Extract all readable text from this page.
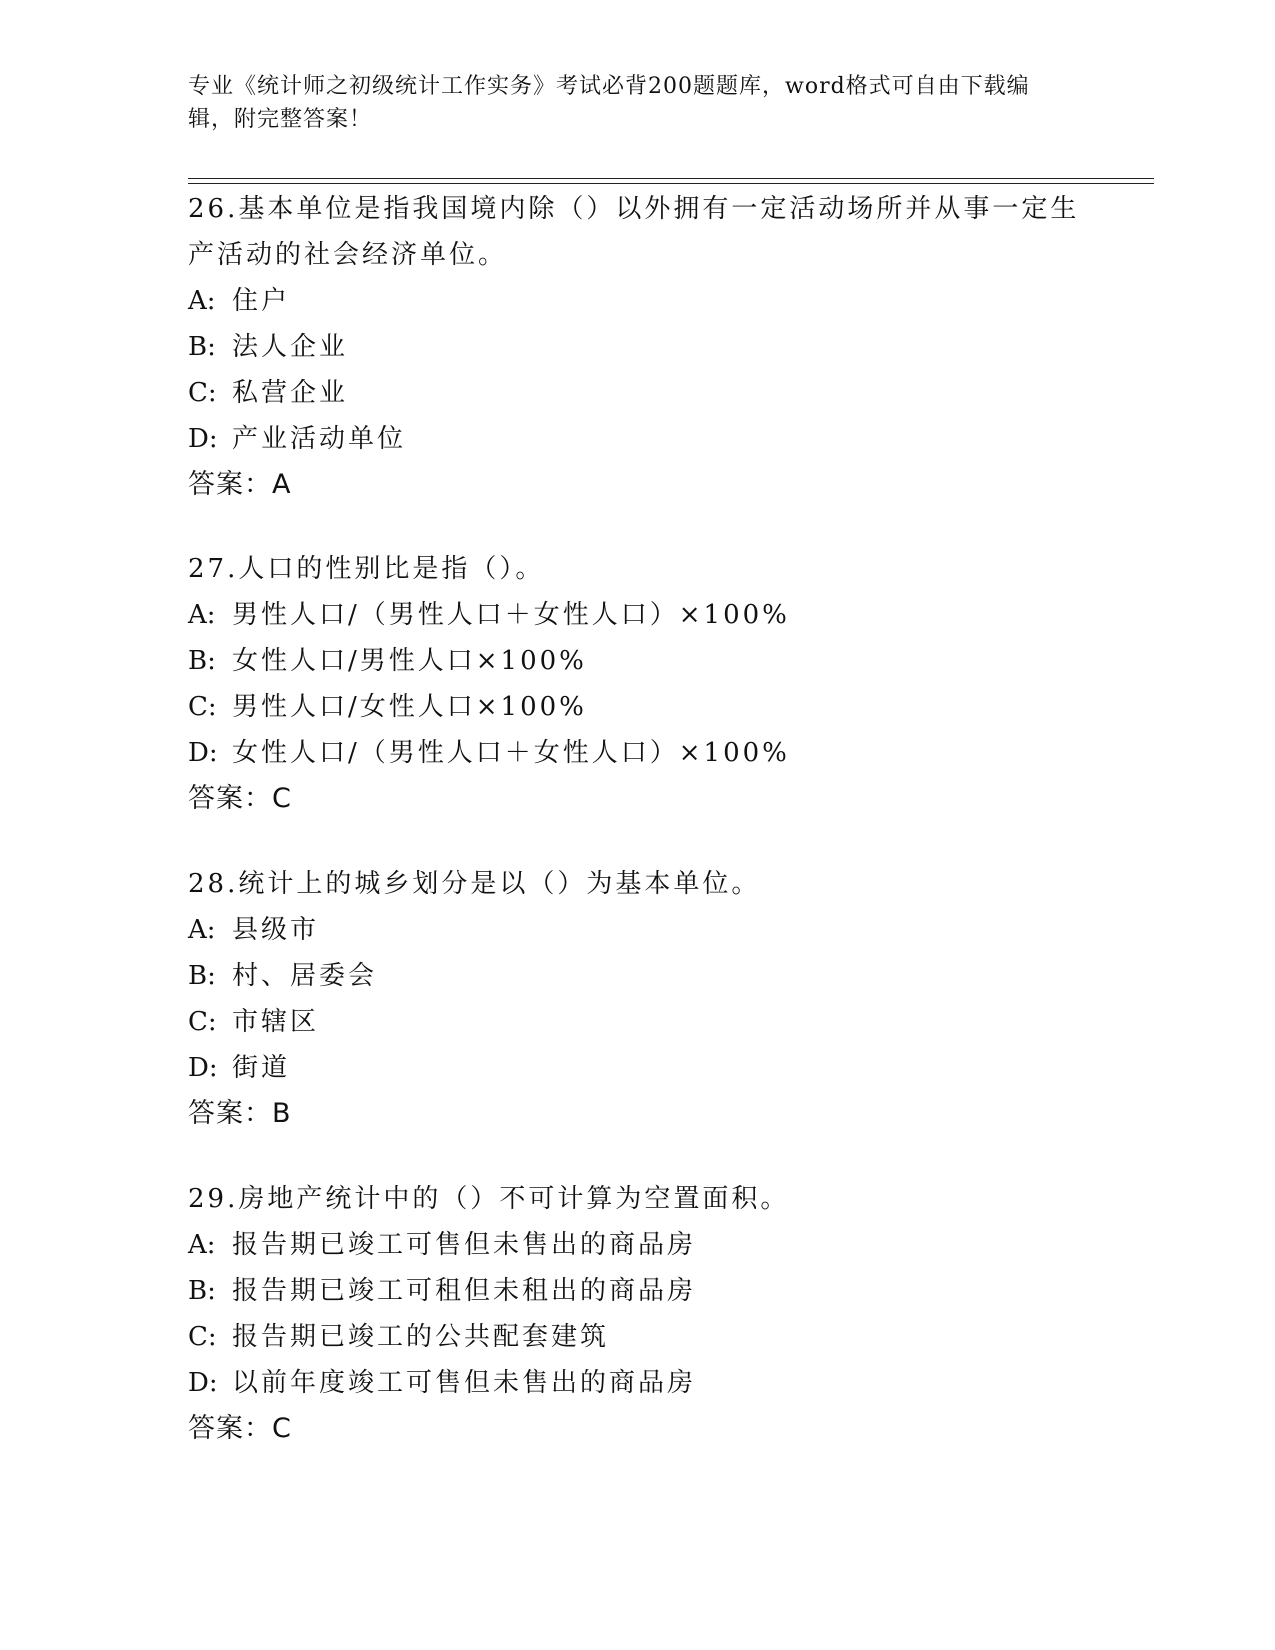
专业《统计师之初级统计工作实务》考试必背200题题库，word格式可自由下载编辑，附完整答案！

26.基本单位是指我国境内除（）以外拥有一定活动场所并从事一定生产活动的社会经济单位。

A: 住户

B: 法人企业

C: 私营企业

D: 产业活动单位

答案：A

27.人口的性别比是指（）。

A: 男性人口/（男性人口＋女性人口）×100%

B: 女性人口/男性人口×100%

C: 男性人口/女性人口×100%

D: 女性人口/（男性人口＋女性人口）×100%

答案：C

28.统计上的城乡划分是以（）为基本单位。

A: 县级市

B: 村、居委会

C: 市辖区

D: 街道

答案：B

29.房地产统计中的（）不可计算为空置面积。

A: 报告期已竣工可售但未售出的商品房

B: 报告期已竣工可租但未租出的商品房

C: 报告期已竣工的公共配套建筑

D: 以前年度竣工可售但未售出的商品房

答案：C
